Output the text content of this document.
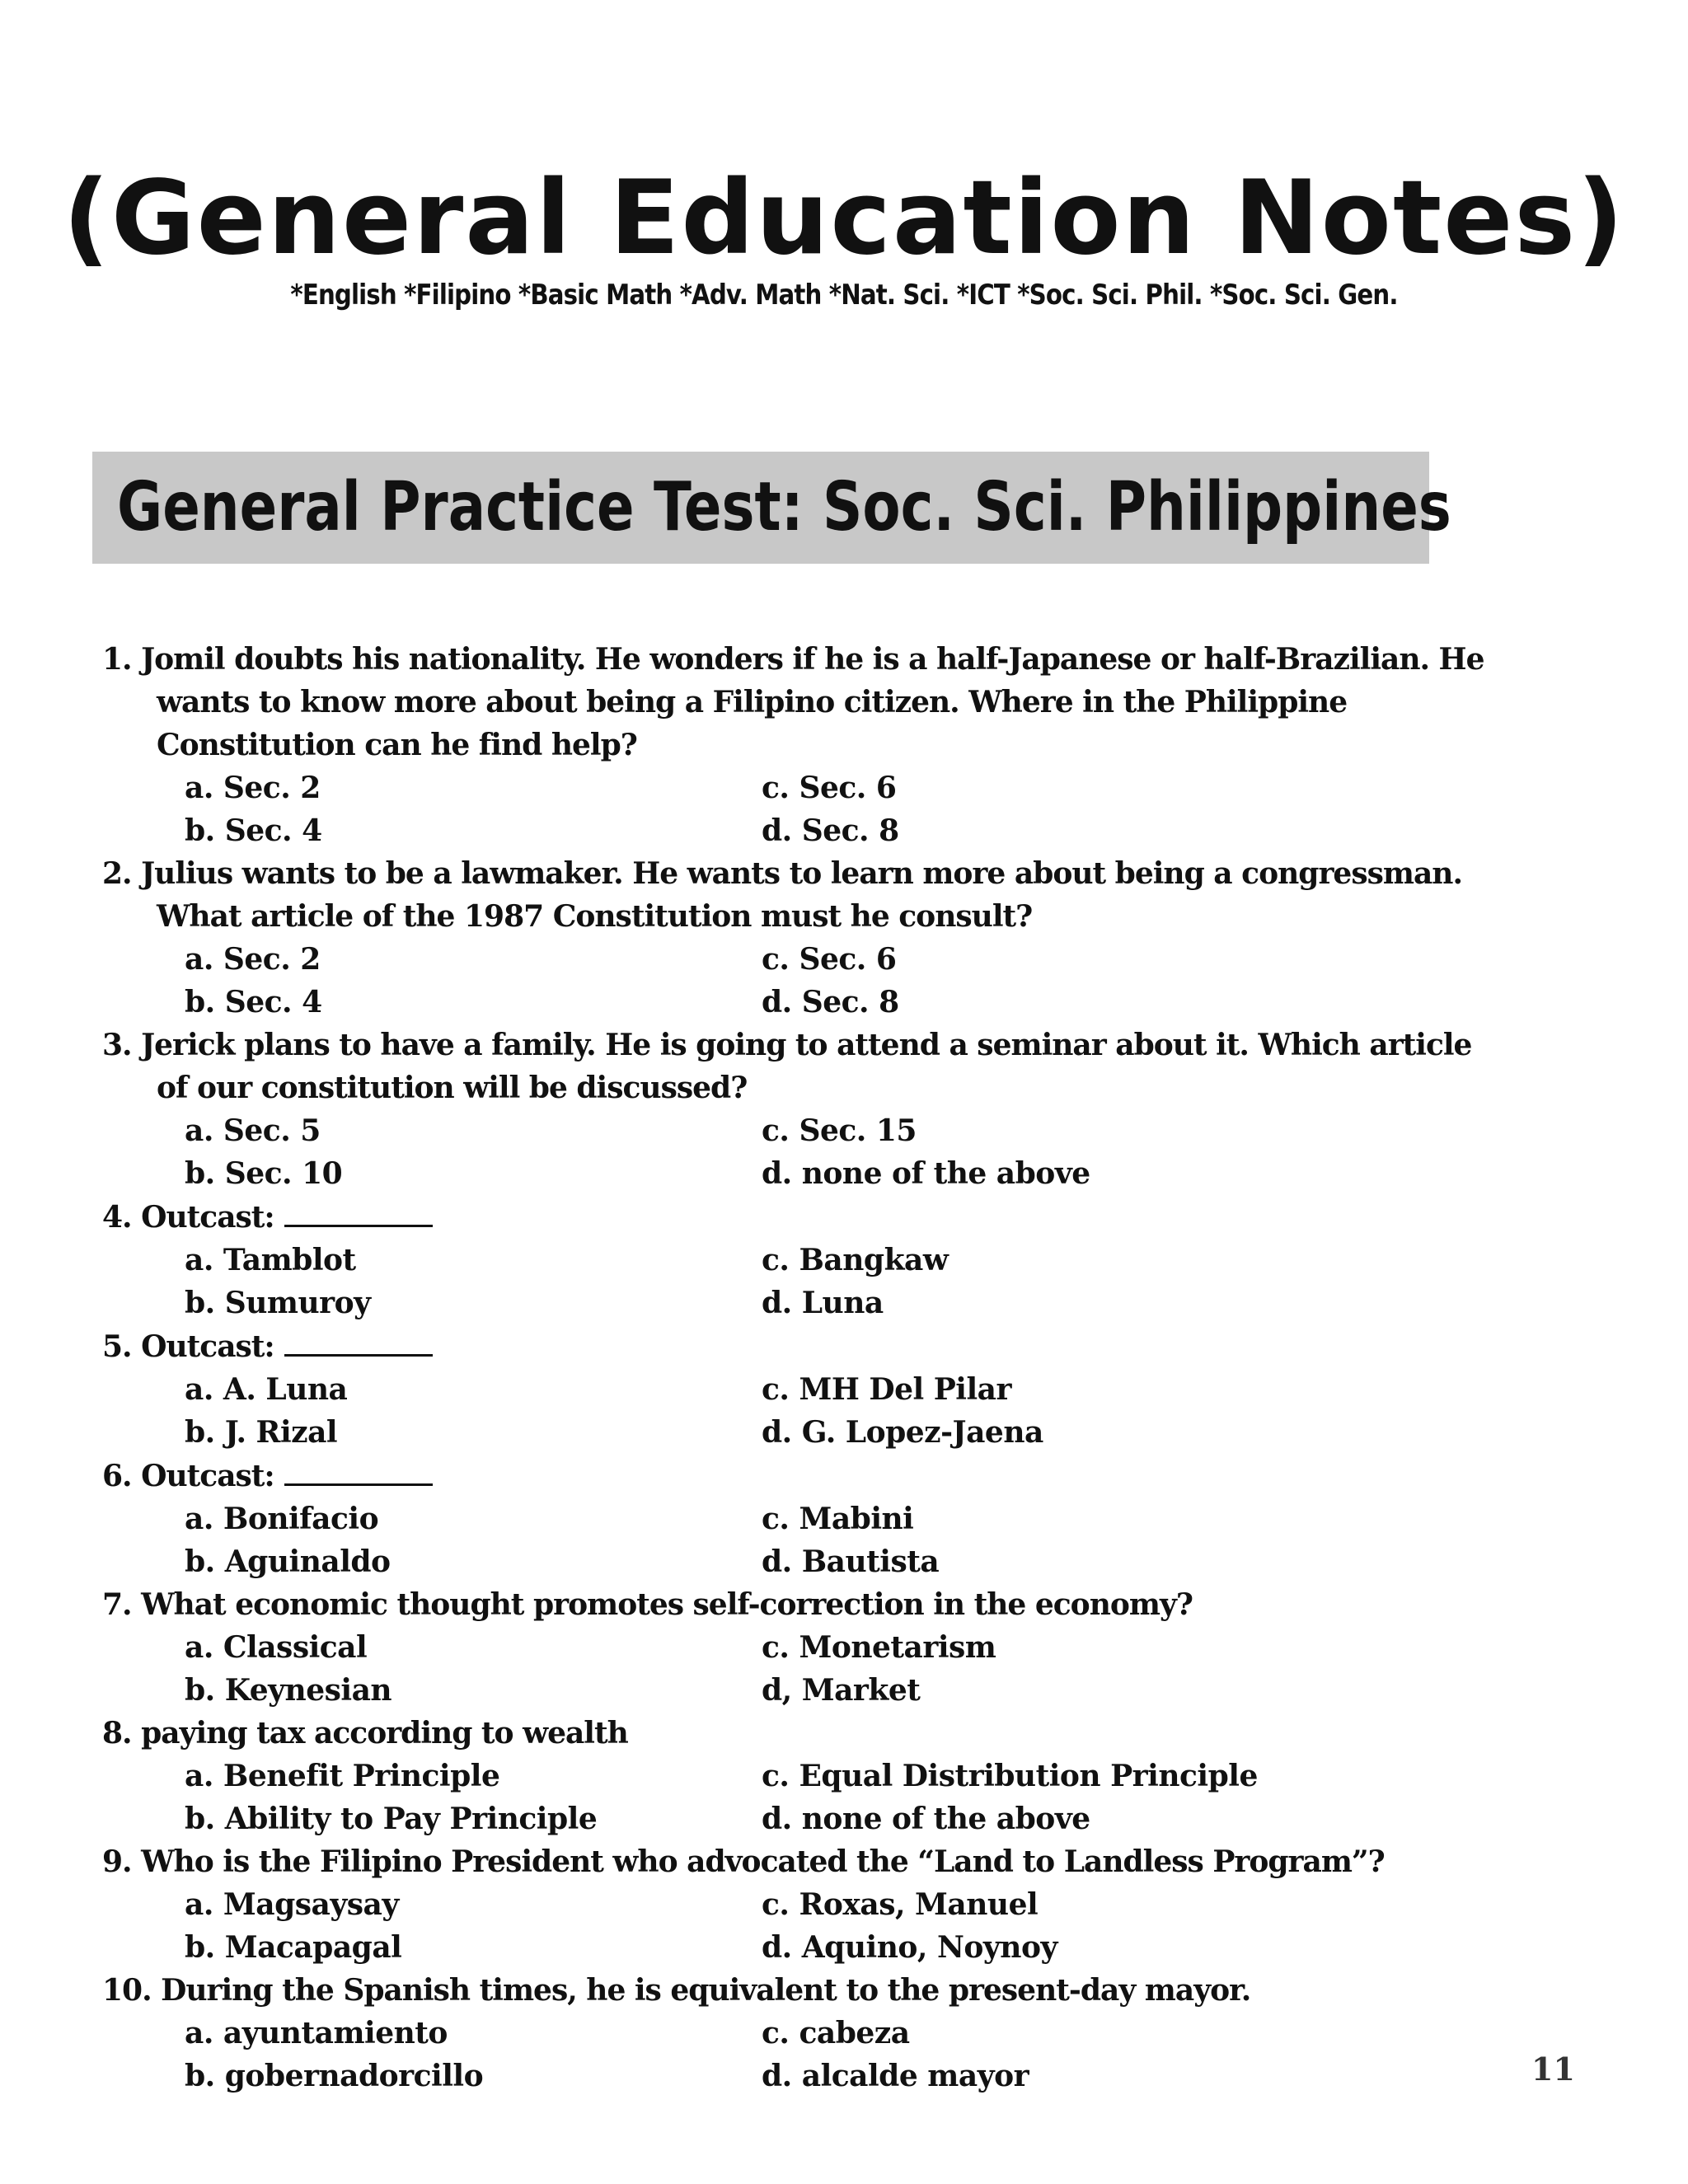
(General Education Notes)
*English *Filipino *Basic Math *Adv. Math *Nat. Sci. *ICT *Soc. Sci. Phil. *Soc. Sci. Gen.
General Practice Test: Soc. Sci. Philippines
1. Jomil doubts his nationality. He wonders if he is a half-Japanese or half-Brazilian. He wants to know more about being a Filipino citizen. Where in the Philippine Constitution can he find help?
a. Sec. 2	c. Sec. 6
b. Sec. 4	d. Sec. 8
2. Julius wants to be a lawmaker. He wants to learn more about being a congressman. What article of the 1987 Constitution must he consult?
a. Sec. 2	c. Sec. 6
b. Sec. 4	d. Sec. 8
3. Jerick plans to have a family. He is going to attend a seminar about it. Which article of our constitution will be discussed?
a. Sec. 5	c. Sec. 15
b. Sec. 10	d. none of the above
4. Outcast:
a. Tamblot	c. Bangkaw
b. Sumuroy	d. Luna
5. Outcast:
a. A. Luna	c. MH Del Pilar
b. J. Rizal	d. G. Lopez-Jaena
6. Outcast:
a. Bonifacio	c. Mabini
b. Aguinaldo	d. Bautista
7. What economic thought promotes self-correction in the economy?
a. Classical	c. Monetarism
b. Keynesian	d, Market
8. paying tax according to wealth
a. Benefit Principle	c. Equal Distribution Principle
b. Ability to Pay Principle	d. none of the above
9. Who is the Filipino President who advocated the “Land to Landless Program”?
a. Magsaysay	c. Roxas, Manuel
b. Macapagal	d. Aquino, Noynoy
10. During the Spanish times, he is equivalent to the present-day mayor.
a. ayuntamiento	c. cabeza
b. gobernadorcillo	d. alcalde mayor	11
